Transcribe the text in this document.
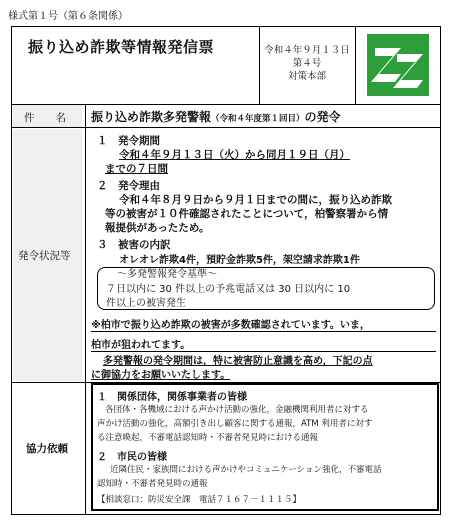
様式第１号（第６条関係）
振り込め詐欺等情報発信票	令和４年９月１３日
第４号
対策本部
件　　名 振り込め詐欺多発警報（令和４年度第１回目）の発令
発令状況等
１　発令期間
令和４年９月１３日（火）から同月１９日（月）
までの７日間
２　発令理由
令和４年８月９日から９月１日までの間に，振り込め詐欺
等の被害が１０件確認されたことについて，柏警察署から情
報提供があったため。
３　被害の内訳
オレオレ詐欺4件，預貯金詐欺5件，架空請求詐欺1件
～多発警報発令基準～
７日以内に 30 件以上の予兆電話又は 30 日以内に 10
件以上の被害発生
※柏市で振り込め詐欺の被害が多数確認されています。いま，
柏市が狙われてます。
多発警報の発令期間は，特に被害防止意識を高め，下記の点
に御協力をお願いいたします。
協力依頼
１　関係団体，関係事業者の皆様
各団体・各機域における声かけ活動の強化，金融機関利用者に対する
声かけ活動の強化，高額引き出し顧客に関する通報，ATM 利用者に対す
る注意喚起，不審電話認知時・不審者発見時における通報
２　市民の皆様
近隣住民・家族間における声かけやコミュニケーション強化，不審電話
認知時・不審者発見時の通報
【相談窓口：防災安全課　電話７１６７－１１１５】
